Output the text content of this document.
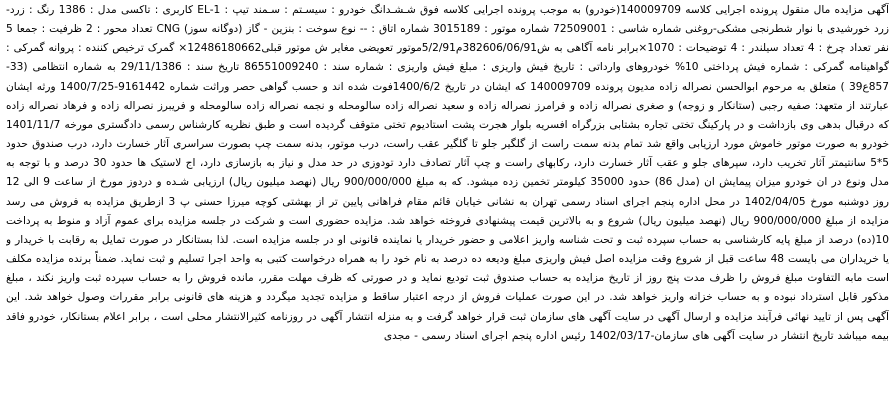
آگهی مزایده مال منقول پرونده اجرایی کلاسه 140009709(خودرو) به موجب پرونده اجرایی کلاسه فوق شـشـدانگ خودرو : سیسـتم : سـمند تیپ : EL-1 کاربری : تاکسی مدل : 1386 رنگ : زرد-زرد خورشیدی با نوار شطرنجی مشکی-روغنی شماره شاسی : 72509001 شماره موتور : 3015189 شماره اتاق : -- نوع سوخت : بنزین - گاز (دوگانه سوز) CNG تعداد محور : 2 ظرفیت : جمعا 5 نفر تعداد چرخ : 4 تعداد سیلندر : 4 توضیحات : 1070×برابر نامه آگاهی به ش382606/06/91م5/2/91موتور تعویضی مغایر ش موتور قبلی12486180662× گمرک ترخیص کننده : پروانه گمرکی : گواهینامه گمرکی : شماره فیش پرداختی 10% خودروهای وارداتی : تاریخ فیش واریزی : مبلغ فیش واریزی : شماره سند : 86551009240 تاریخ سند : 29/11/1386 به شماره انتظامی (33-857ع39 ) متعلق به مرحوم ابوالحسن نصراله زاده مدیون پرونده 140009709 که ایشان در تاریخ 1400/6/2فوت شده اند و حسب گواهی حصر وراثت شماره 9161442-1400/7/25 ورثه ایشان عبارتند از متعهد: صفیه رجبی (ستانکار و زوجه) و صغری نصراله زاده و فرامرز نصراله زاده و سعید نصراله زاده سالومحله و نجمه نصراله زاده سالومحله و فریبرز نصراله زاده و فرهاد نصراله زاده که درقبال بدهی وی بازداشت و در پارکینگ تختی تجاره بشتابی بزرگراه افسریه بلوار هجرت پشت استادیوم تختی متوقف گردیده است و طبق نظریه کارشناس رسمی دادگستری مورخه 1401/11/7 خودرو به صورت موتور خاموش مورد ارزیابی واقع شد تمام بدنه سمت راست از گلگیر جلو تا گلگیر عقب راست، درب موتور، بدنه سمت چپ بصورت سراسری آثار خسارت دارد، درب صندوق حدود 5*5 سانتیمتر آثار تخریب دارد، سپرهای جلو و عقب آثار خسارت دارد، رکابهای راست و چپ آثار تصادف دارد تودوزی در حد مدل و نیاز به بازسازی دارد، اج لاستیک ها حدود 30 درصد و با توجه به مدل ونوع در ان خودرو میزان پیمایش ان (مدل 86) حدود 35000 کیلومتر تخمین زده میشود. که به مبلغ 900/000/000 ریال (نهصد میلیون ریال) ارزیابی شـده و دردوز مورخ از ساعت 9 الی 12 روز دوشنبه مورخ 1402/04/05 در محل اداره پنجم اجرای اسناد رسمی تهران به نشانی خیابان قائم مقام فراهانی پایین تر از بهشتی کوچه میرزا حسنی پ 3 ازطریق مزایده به فروش می رسد مزایده از مبلغ 900/000/000 ریال (نهصد میلیون ریال) شروع و به بالاترین قیمت پیشنهادی فروخته خواهد شد. مزایده حضوری است و شرکت در جلسه مزایده برای عموم آزاد و منوط به پرداخت 10(ده) درصد از مبلغ پایه کارشناسی به حساب سپرده ثبت و تحت شناسه واریز اعلامی و حضور خریدار یا نماینده قانونی او در جلسه مزایده است. لذا بستانکار در صورت تمایل به رقابت با خریدار و یا خریداران می بایست 48 ساعت قبل از شروع وقت مزایده اصل فیش واریزی مبلغ ودیعه ده درصد به نام خود را به همراه درخواست کتبی به واحد اجرا تسلیم و ثبت نماید. ضمناً برنده مزایده مکلف است مابه التفاوت مبلغ فروش را ظرف مدت پنج روز از تاریخ مزایده به حساب صندوق ثبت تودیع نماید و در صورتی که ظرف مهلت مقرر، مانده فروش را به حساب سپرده ثبت واریز نکند ، مبلغ مذکور قابل استرداد نبوده و به حساب خزانه واریز خواهد شد. در این صورت عملیات فروش از درجه اعتبار ساقط و مزایده تجدید میگردد و هزینه های قانونی برابر مقررات وصول خواهد شد. این آگهی پس از تایید نهائی فرآیند مزایده و ارسال آگهی در سایت آگهی های سازمان ثبت قرار خواهد گرفت و به منزله انتشار آگهی در روزنامه کثیرالانتشار محلی است ، برابر اعلام بستانکار، خودرو فاقد بیمه میباشد تاریخ انتشار در سایت آگهی های سازمان-1402/03/17 رئیس اداره پنجم اجرای اسناد رسمی - مجدی
